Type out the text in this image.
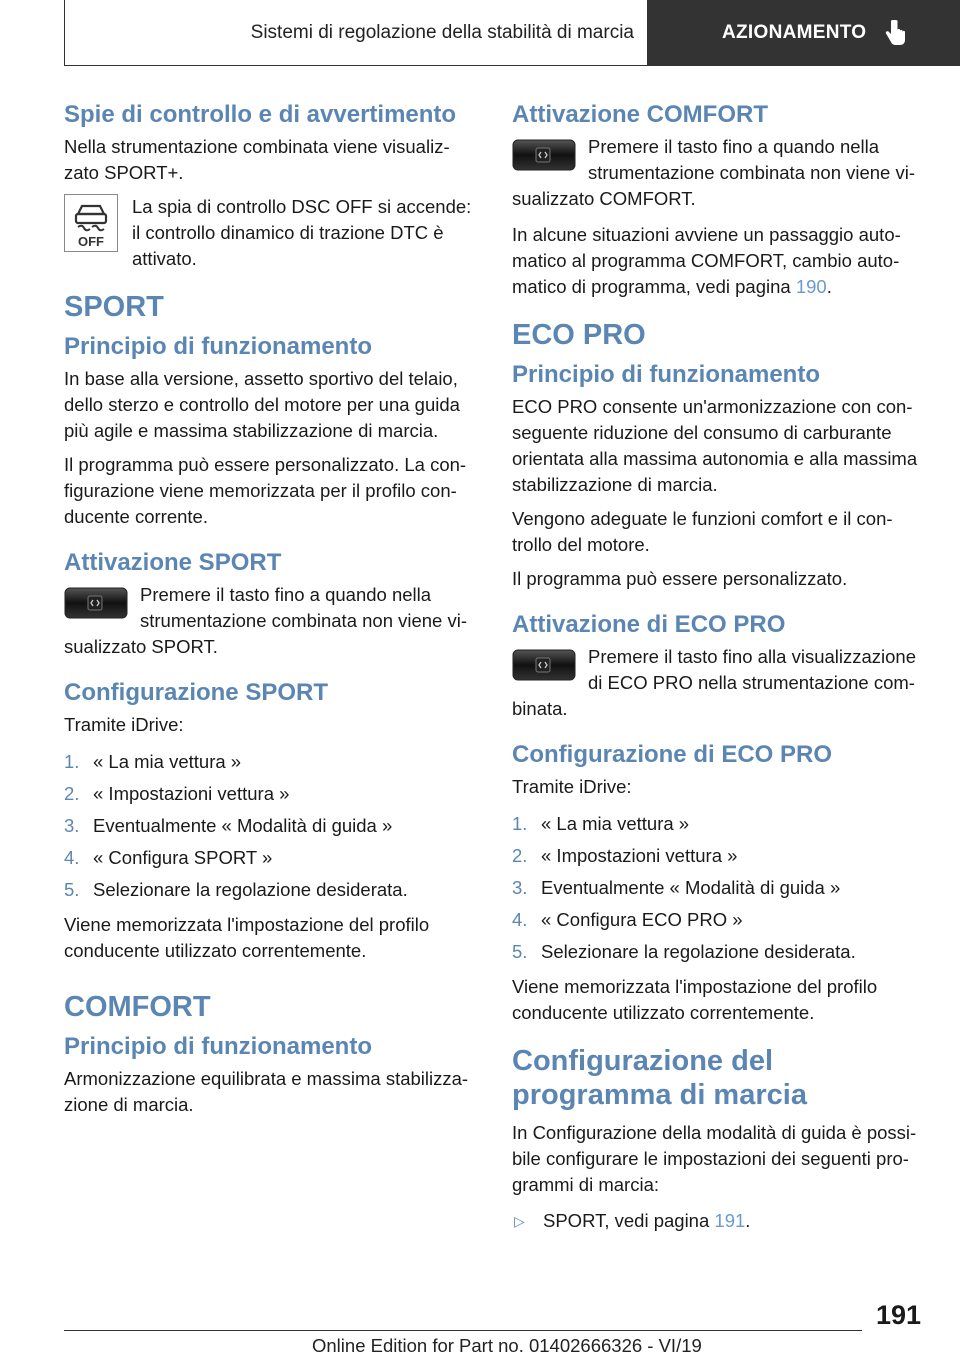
Sistemi di regolazione della stabilità di marcia	AZIONAMENTO
Spie di controllo e di avvertimento
Nella strumentazione combinata viene visualiz-zato SPORT+.
OFF
La spia di controllo DSC OFF si accende: il controllo dinamico di trazione DTC è attivato.
SPORT
Principio di funzionamento
In base alla versione, assetto sportivo del telaio, dello sterzo e controllo del motore per una guida più agile e massima stabilizzazione di marcia.
Il programma può essere personalizzato. La con-figurazione viene memorizzata per il profilo con-ducente corrente.
Attivazione SPORT
Premere il tasto fino a quando nella strumentazione combinata non viene vi-sualizzato SPORT.
Configurazione SPORT
Tramite iDrive:
1. « La mia vettura »
2. « Impostazioni vettura »
3. Eventualmente « Modalità di guida »
4. « Configura SPORT »
5. Selezionare la regolazione desiderata.
Viene memorizzata l'impostazione del profilo conducente utilizzato correntemente.
COMFORT
Principio di funzionamento
Armonizzazione equilibrata e massima stabilizza-zione di marcia.
Attivazione COMFORT
Premere il tasto fino a quando nella strumentazione combinata non viene vi-sualizzato COMFORT.
In alcune situazioni avviene un passaggio auto-matico al programma COMFORT, cambio auto-matico di programma, vedi pagina 190.
ECO PRO
Principio di funzionamento
ECO PRO consente un'armonizzazione con con-seguente riduzione del consumo di carburante orientata alla massima autonomia e alla massima stabilizzazione di marcia.
Vengono adeguate le funzioni comfort e il con-trollo del motore.
Il programma può essere personalizzato.
Attivazione di ECO PRO
Premere il tasto fino alla visualizzazione di ECO PRO nella strumentazione com-binata.
Configurazione di ECO PRO
Tramite iDrive:
1. « La mia vettura »
2. « Impostazioni vettura »
3. Eventualmente « Modalità di guida »
4. « Configura ECO PRO »
5. Selezionare la regolazione desiderata.
Viene memorizzata l'impostazione del profilo conducente utilizzato correntemente.
Configurazione del programma di marcia
In Configurazione della modalità di guida è possi-bile configurare le impostazioni dei seguenti pro-grammi di marcia:
▷ SPORT, vedi pagina 191.
191
Online Edition for Part no. 01402666326 - VI/19
